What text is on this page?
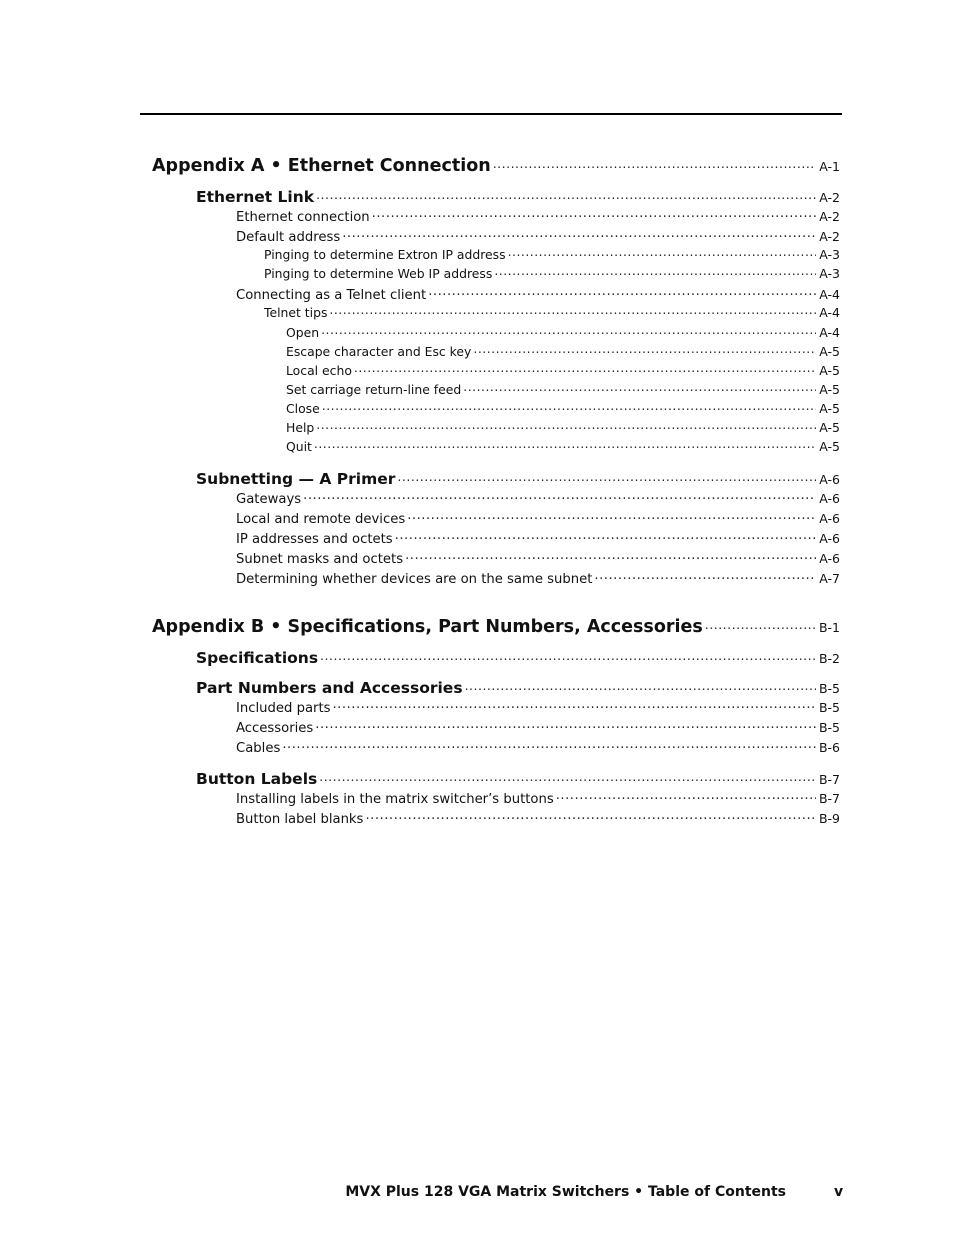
Appendix A • Ethernet Connection .....	A-1
Ethernet Link .....	A-2
Ethernet connection .....	A-2
Default address .....	A-2
Pinging to determine Extron IP address .....	A-3
Pinging to determine Web IP address .....	A-3
Connecting as a Telnet client .....	A-4
Telnet tips .....	A-4
Open .....	A-4
Escape character and Esc key .....	A-5
Local echo .....	A-5
Set carriage return-line feed .....	A-5
Close .....	A-5
Help .....	A-5
Quit .....	A-5
Subnetting — A Primer .....	A-6
Gateways .....	A-6
Local and remote devices .....	A-6
IP addresses and octets .....	A-6
Subnet masks and octets .....	A-6
Determining whether devices are on the same subnet .....	A-7
Appendix B • Specifications, Part Numbers, Accessories .....	B-1
Specifications .....	B-2
Part Numbers and Accessories .....	B-5
Included parts .....	B-5
Accessories .....	B-5
Cables .....	B-6
Button Labels .....	B-7
Installing labels in the matrix switcher’s buttons .....	B-7
Button label blanks .....	B-9
MVX Plus 128 VGA Matrix Switchers • Table of Contents	v
